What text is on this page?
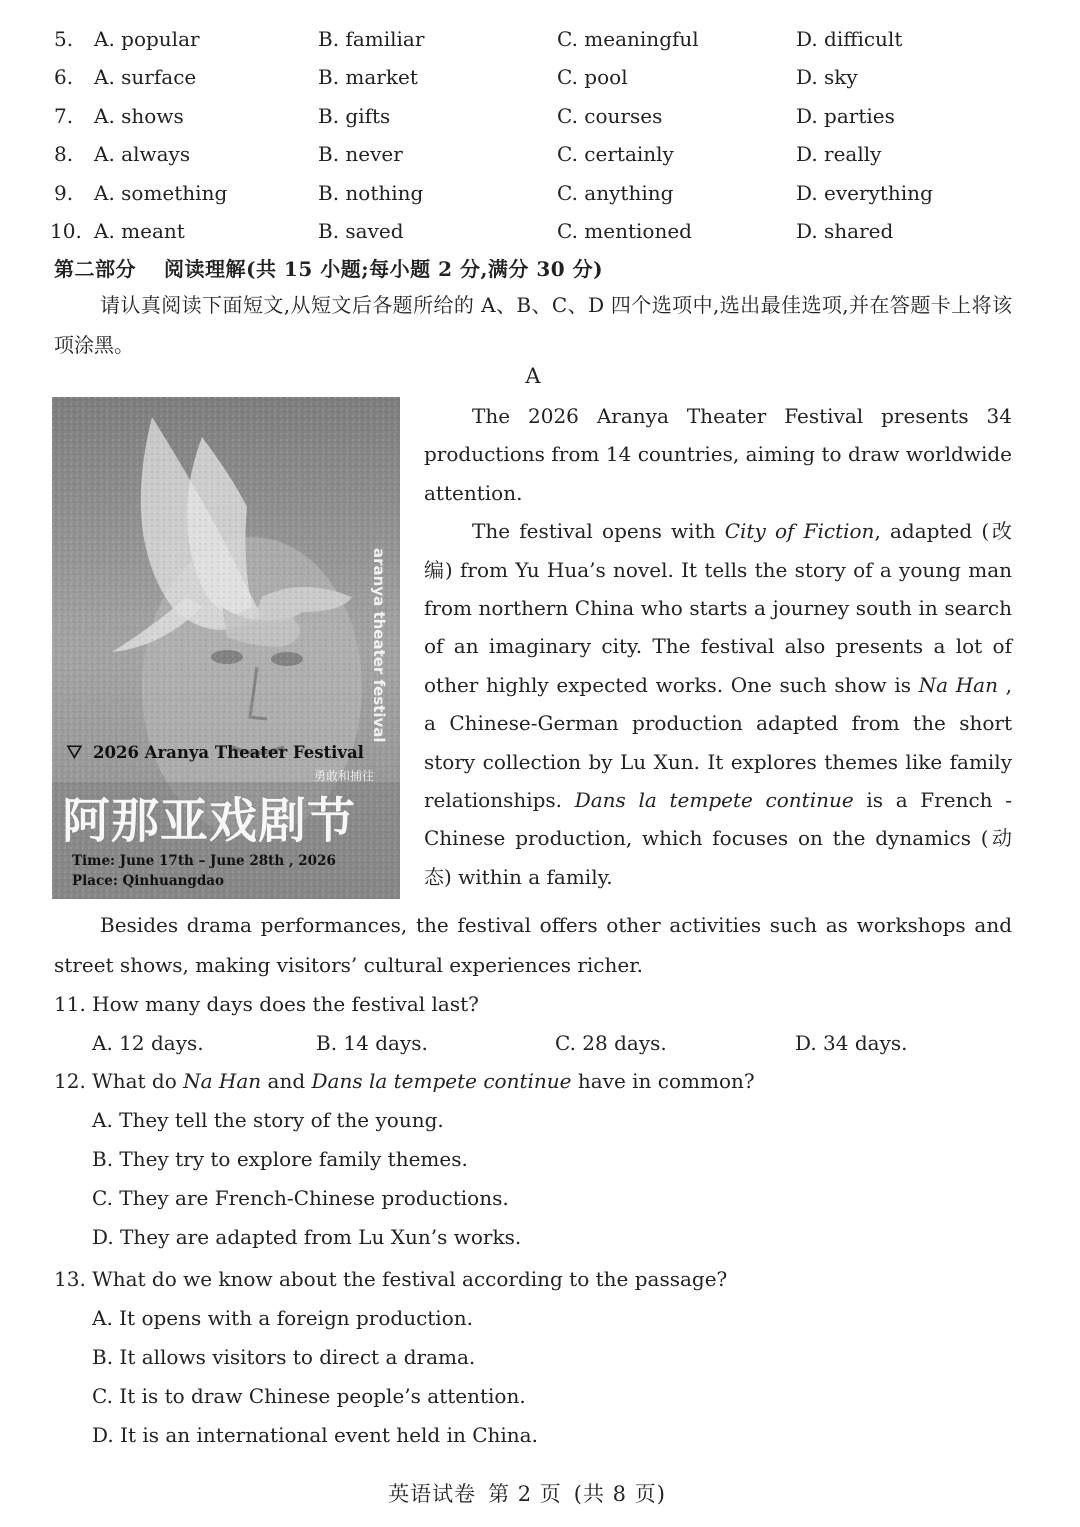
5.	A. popular	B. familiar	C. meaningful	D. difficult
6.	A. surface	B. market	C. pool	D. sky
7.	A. shows	B. gifts	C. courses	D. parties
8.	A. always	B. never	C. certainly	D. really
9.	A. something	B. nothing	C. anything	D. everything
10. A. meant	B. saved	C. mentioned	D. shared
第二部分 阅读理解(共 15 小题;每小题 2 分,满分 30 分)
请认真阅读下面短文,从短文后各题所给的 A、B、C、D 四个选项中,选出最佳选项,并在答题卡上将该项涂黑。
A
aranya theater festival
⛛ 2026 Aranya Theater Festival
勇敢和捕往
阿那亚戏剧节
Time: June 17th – June 28th , 2026
Place: Qinhuangdao

The 2026 Aranya Theater Festival presents 34 productions from 14 countries, aiming to draw worldwide attention.

The festival opens with City of Fiction, adapted (改编) from Yu Hua’s novel. It tells the story of a young man from northern China who starts a journey south in search of an imaginary city. The festival also presents a lot of other highly expected works. One such show is Na Han , a Chinese-German production adapted from the short story collection by Lu Xun. It explores themes like family relationships. Dans la tempete continue is a French - Chinese production, which focuses on the dynamics (动态) within a family.

Besides drama performances, the festival offers other activities such as workshops and street shows, making visitors’ cultural experiences richer.

11. How many days does the festival last?
A. 12 days.	B. 14 days.	C. 28 days.	D. 34 days.
12. What do Na Han and Dans la tempete continue have in common?
A. They tell the story of the young.
B. They try to explore family themes.
C. They are French-Chinese productions.
D. They are adapted from Lu Xun’s works.
13. What do we know about the festival according to the passage?
A. It opens with a foreign production.
B. It allows visitors to direct a drama.
C. It is to draw Chinese people’s attention.
D. It is an international event held in China.
英语试卷 第 2 页 (共 8 页)
